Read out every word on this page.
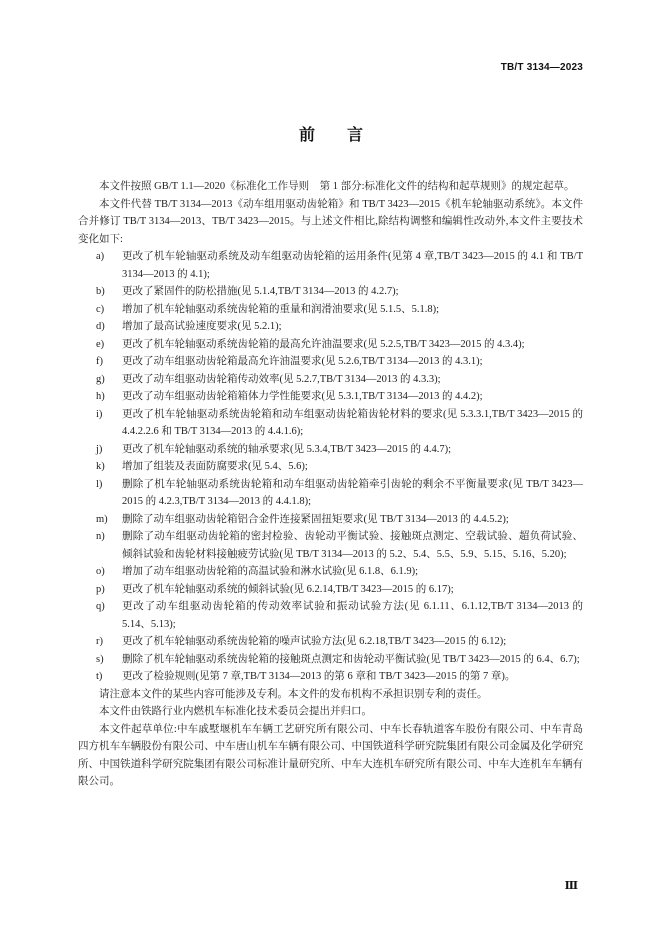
TB/T 3134—2023
前言

本文件按照 GB/T 1.1—2020《标准化工作导则　第 1 部分:标准化文件的结构和起草规则》的规定起草。

本文件代替 TB/T 3134—2013《动车组用驱动齿轮箱》和 TB/T 3423—2015《机车轮轴驱动系统》。本文件合并修订 TB/T 3134—2013、TB/T 3423—2015。与上述文件相比,除结构调整和编辑性改动外,本文件主要技术变化如下:

a) 更改了机车轮轴驱动系统及动车组驱动齿轮箱的运用条件(见第 4 章,TB/T 3423—2015 的 4.1 和 TB/T 3134—2013 的 4.1);
b) 更改了紧固件的防松措施(见 5.1.4,TB/T 3134—2013 的 4.2.7);
c) 增加了机车轮轴驱动系统齿轮箱的重量和润滑油要求(见 5.1.5、5.1.8);
d) 增加了最高试验速度要求(见 5.2.1);
e) 更改了机车轮轴驱动系统齿轮箱的最高允许油温要求(见 5.2.5,TB/T 3423—2015 的 4.3.4);
f) 更改了动车组驱动齿轮箱最高允许油温要求(见 5.2.6,TB/T 3134—2013 的 4.3.1);
g) 更改了动车组驱动齿轮箱传动效率(见 5.2.7,TB/T 3134—2013 的 4.3.3);
h) 更改了动车组驱动齿轮箱箱体力学性能要求(见 5.3.1,TB/T 3134—2013 的 4.4.2);
i) 更改了机车轮轴驱动系统齿轮箱和动车组驱动齿轮箱齿轮材料的要求(见 5.3.3.1,TB/T 3423—2015 的 4.4.2.2.6 和 TB/T 3134—2013 的 4.4.1.6);
j) 更改了机车轮轴驱动系统的轴承要求(见 5.3.4,TB/T 3423—2015 的 4.4.7);
k) 增加了组装及表面防腐要求(见 5.4、5.6);
l) 删除了机车轮轴驱动系统齿轮箱和动车组驱动齿轮箱牵引齿轮的剩余不平衡量要求(见 TB/T 3423—2015 的 4.2.3,TB/T 3134—2013 的 4.4.1.8);
m) 删除了动车组驱动齿轮箱铝合金件连接紧固扭矩要求(见 TB/T 3134—2013 的 4.4.5.2);
n) 删除了动车组驱动齿轮箱的密封检验、齿轮动平衡试验、接触斑点测定、空载试验、超负荷试验、倾斜试验和齿轮材料接触疲劳试验(见 TB/T 3134—2013 的 5.2、5.4、5.5、5.9、5.15、5.16、5.20);
o) 增加了动车组驱动齿轮箱的高温试验和淋水试验(见 6.1.8、6.1.9);
p) 更改了机车轮轴驱动系统的倾斜试验(见 6.2.14,TB/T 3423—2015 的 6.17);
q) 更改了动车组驱动齿轮箱的传动效率试验和振动试验方法(见 6.1.11、6.1.12,TB/T 3134—2013 的 5.14、5.13);
r) 更改了机车轮轴驱动系统齿轮箱的噪声试验方法(见 6.2.18,TB/T 3423—2015 的 6.12);
s) 删除了机车轮轴驱动系统齿轮箱的接触斑点测定和齿轮动平衡试验(见 TB/T 3423—2015 的 6.4、6.7);
t) 更改了检验规则(见第 7 章,TB/T 3134—2013 的第 6 章和 TB/T 3423—2015 的第 7 章)。

请注意本文件的某些内容可能涉及专利。本文件的发布机构不承担识别专利的责任。

本文件由铁路行业内燃机车标准化技术委员会提出并归口。

本文件起草单位:中车戚墅堰机车车辆工艺研究所有限公司、中车长春轨道客车股份有限公司、中车青岛四方机车车辆股份有限公司、中车唐山机车车辆有限公司、中国铁道科学研究院集团有限公司金属及化学研究所、中国铁道科学研究院集团有限公司标准计量研究所、中车大连机车研究所有限公司、中车大连机车车辆有限公司。

Ⅲ
